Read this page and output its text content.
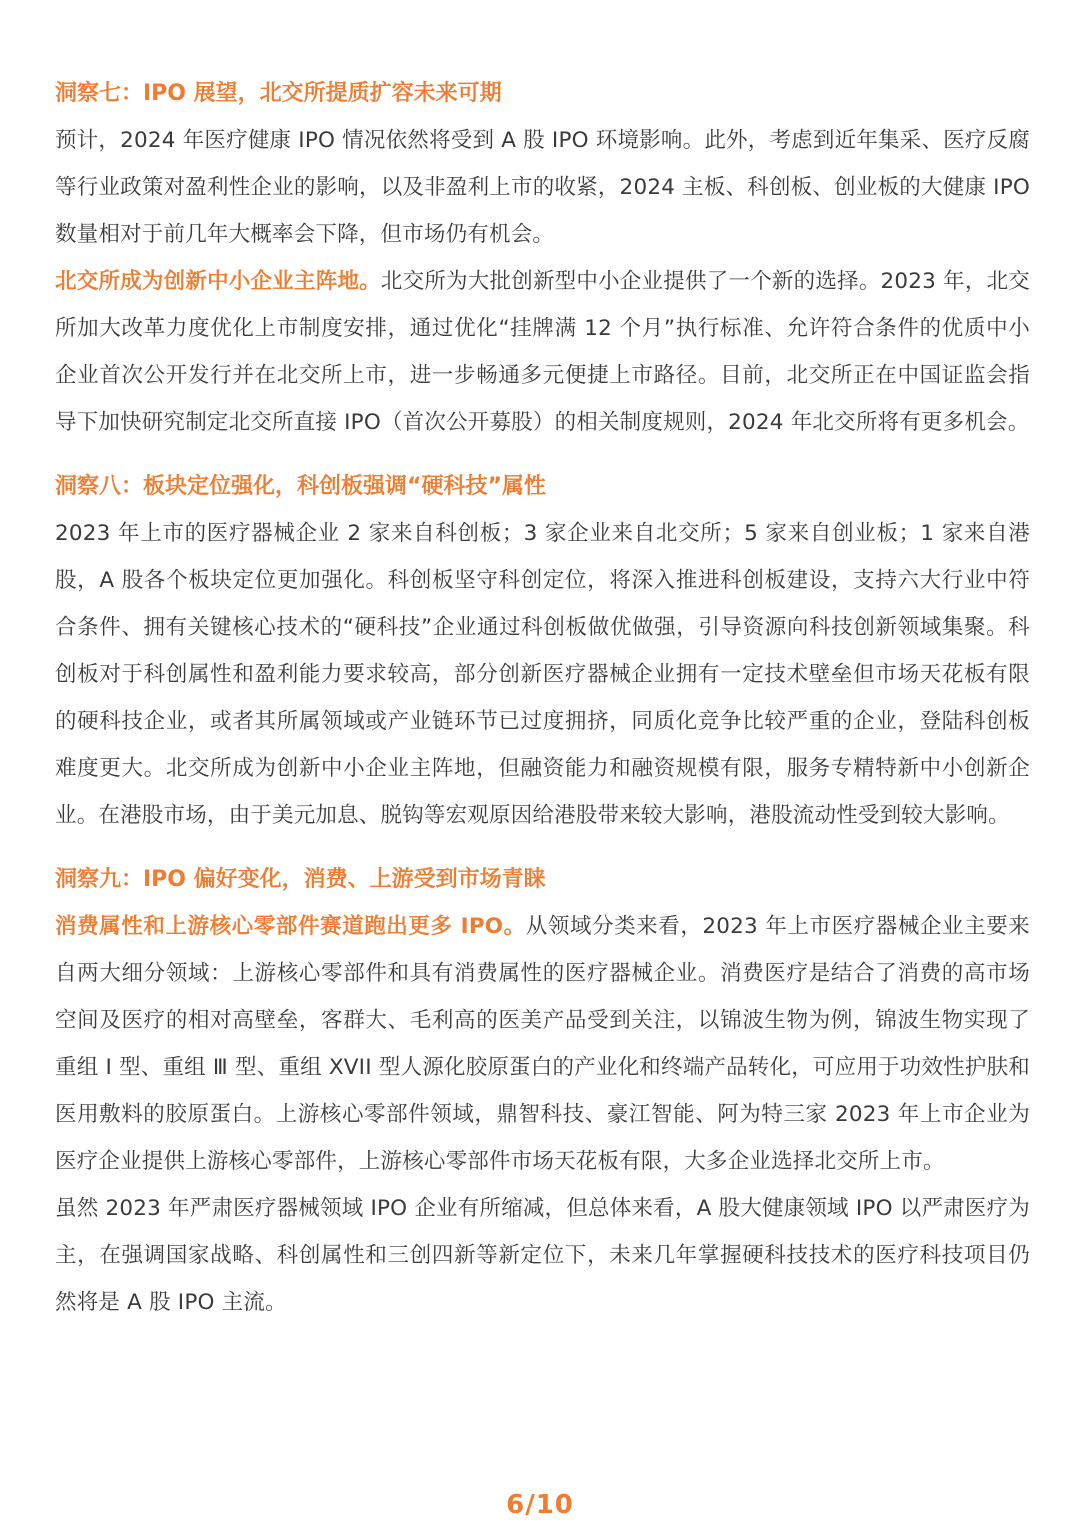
洞察七：IPO 展望，北交所提质扩容未来可期

预计，2024 年医疗健康 IPO 情况依然将受到 A 股 IPO 环境影响。此外，考虑到近年集采、医疗反腐等行业政策对盈利性企业的影响，以及非盈利上市的收紧，2024 主板、科创板、创业板的大健康 IPO 数量相对于前几年大概率会下降，但市场仍有机会。

北交所成为创新中小企业主阵地。北交所为大批创新型中小企业提供了一个新的选择。2023 年，北交所加大改革力度优化上市制度安排，通过优化“挂牌满 12 个月”执行标准、允许符合条件的优质中小企业首次公开发行并在北交所上市，进一步畅通多元便捷上市路径。目前，北交所正在中国证监会指导下加快研究制定北交所直接 IPO（首次公开募股）的相关制度规则，2024 年北交所将有更多机会。

洞察八：板块定位强化，科创板强调“硬科技”属性

2023 年上市的医疗器械企业 2 家来自科创板；3 家企业来自北交所；5 家来自创业板；1 家来自港股，A 股各个板块定位更加强化。科创板坚守科创定位，将深入推进科创板建设，支持六大行业中符合条件、拥有关键核心技术的“硬科技”企业通过科创板做优做强，引导资源向科技创新领域集聚。科创板对于科创属性和盈利能力要求较高，部分创新医疗器械企业拥有一定技术壁垒但市场天花板有限的硬科技企业，或者其所属领域或产业链环节已过度拥挤，同质化竞争比较严重的企业，登陆科创板难度更大。北交所成为创新中小企业主阵地，但融资能力和融资规模有限，服务专精特新中小创新企业。在港股市场，由于美元加息、脱钩等宏观原因给港股带来较大影响，港股流动性受到较大影响。

洞察九：IPO 偏好变化，消费、上游受到市场青睐

消费属性和上游核心零部件赛道跑出更多 IPO。从领域分类来看，2023 年上市医疗器械企业主要来自两大细分领域：上游核心零部件和具有消费属性的医疗器械企业。消费医疗是结合了消费的高市场空间及医疗的相对高壁垒，客群大、毛利高的医美产品受到关注，以锦波生物为例，锦波生物实现了重组 Ⅰ 型、重组 Ⅲ 型、重组 XVII 型人源化胶原蛋白的产业化和终端产品转化，可应用于功效性护肤和医用敷料的胶原蛋白。上游核心零部件领域，鼎智科技、豪江智能、阿为特三家 2023 年上市企业为医疗企业提供上游核心零部件，上游核心零部件市场天花板有限，大多企业选择北交所上市。

虽然 2023 年严肃医疗器械领域 IPO 企业有所缩减，但总体来看，A 股大健康领域 IPO 以严肃医疗为主，在强调国家战略、科创属性和三创四新等新定位下，未来几年掌握硬科技技术的医疗科技项目仍然将是 A 股 IPO 主流。

6/10
